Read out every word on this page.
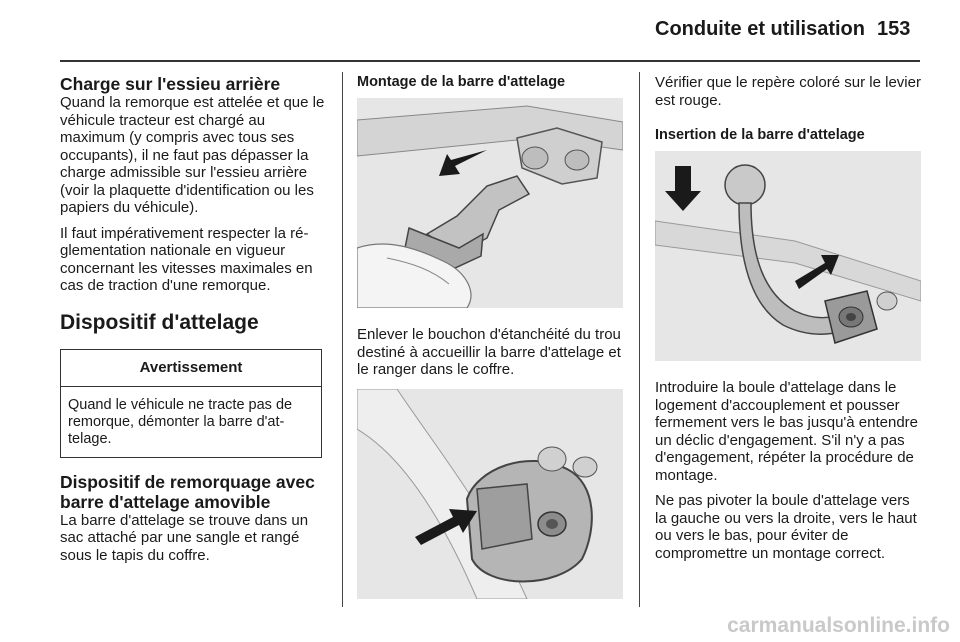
Conduite et utilisation 153
Charge sur l'essieu arrière

Quand la remorque est attelée et que le véhicule tracteur est chargé au maximum (y compris avec tous ses occupants), il ne faut pas dépasser la charge admissible sur l'essieu arrière (voir la plaquette d'identification ou les papiers du véhicule).

Il faut impérativement respecter la réglementation nationale en vigueur concernant les vitesses maximales en cas de traction d'une remorque.

Dispositif d'attelage
Avertissement
Quand le véhicule ne tracte pas de remorque, démonter la barre d'attelage.
Dispositif de remorquage avec barre d'attelage amovible

La barre d'attelage se trouve dans un sac attaché par une sangle et rangé sous le tapis du coffre.

Montage de la barre d'attelage

Enlever le bouchon d'étanchéité du trou destiné à accueillir la barre d'attelage et le ranger dans le coffre.

Vérifier que le repère coloré sur le levier est rouge.

Insertion de la barre d'attelage

Introduire la boule d'attelage dans le logement d'accouplement et pousser fermement vers le bas jusqu'à entendre un déclic d'engagement. S'il n'y a pas d'engagement, répéter la procédure de montage.

Ne pas pivoter la boule d'attelage vers la gauche ou vers la droite, vers le haut ou vers le bas, pour éviter de compromettre un montage correct.

carmanualsonline.info
